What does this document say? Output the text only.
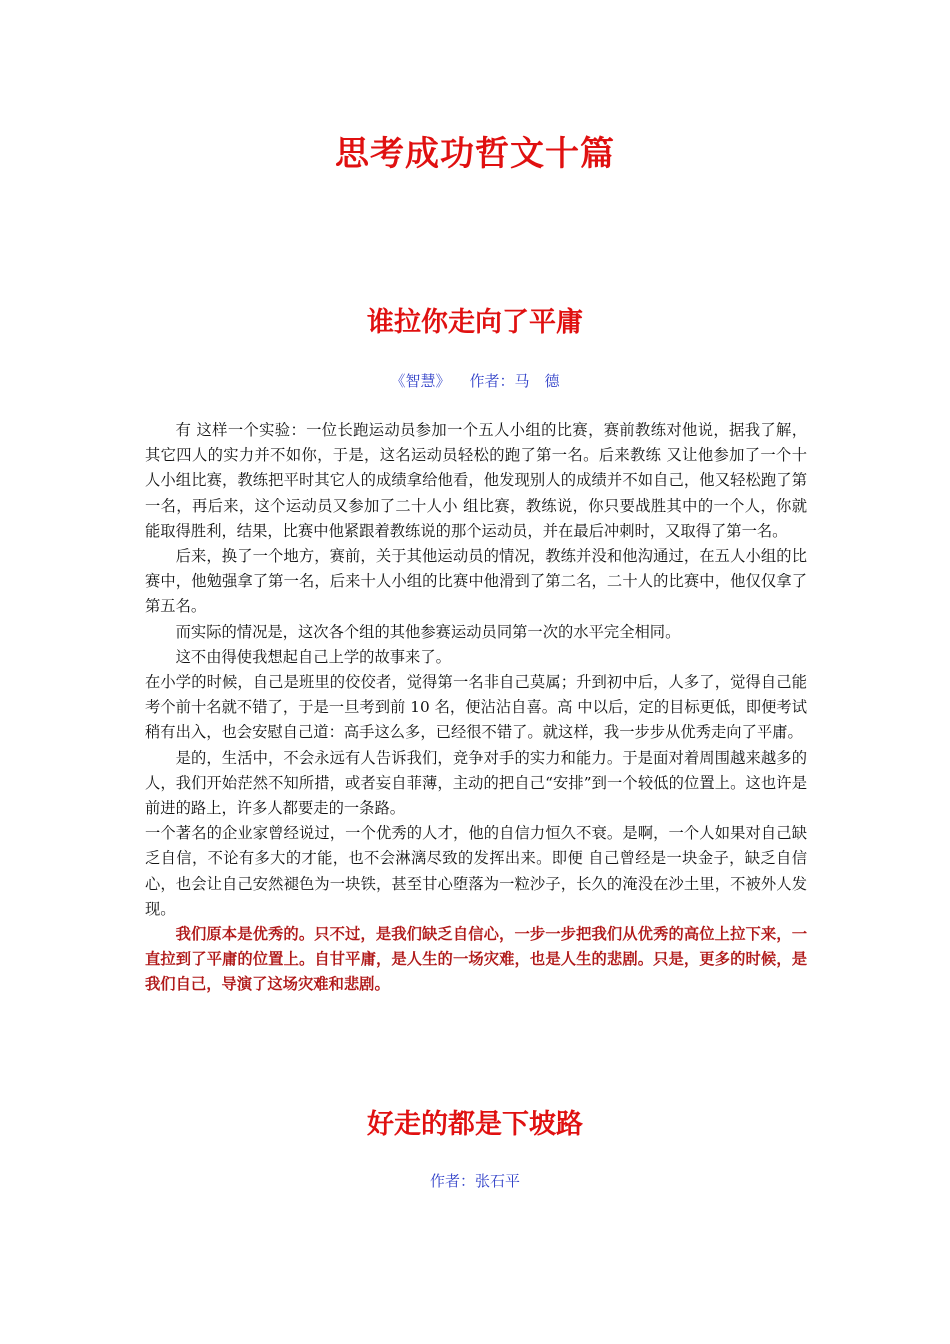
思考成功哲文十篇
谁拉你走向了平庸
《智慧》    作者：马　德

有 这样一个实验：一位长跑运动员参加一个五人小组的比赛，赛前教练对他说，据我了解，其它四人的实力并不如你，于是，这名运动员轻松的跑了第一名。后来教练 又让他参加了一个十人小组比赛，教练把平时其它人的成绩拿给他看，他发现别人的成绩并不如自己，他又轻松跑了第一名，再后来，这个运动员又参加了二十人小 组比赛，教练说，你只要战胜其中的一个人，你就能取得胜利，结果，比赛中他紧跟着教练说的那个运动员，并在最后冲刺时，又取得了第一名。

后来，换了一个地方，赛前，关于其他运动员的情况，教练并没和他沟通过，在五人小组的比赛中，他勉强拿了第一名，后来十人小组的比赛中他滑到了第二名，二十人的比赛中，他仅仅拿了第五名。

而实际的情况是，这次各个组的其他参赛运动员同第一次的水平完全相同。

这不由得使我想起自己上学的故事来了。

在小学的时候，自己是班里的佼佼者，觉得第一名非自己莫属；升到初中后，人多了，觉得自己能考个前十名就不错了，于是一旦考到前 10 名，便沾沾自喜。高 中以后，定的目标更低，即便考试稍有出入，也会安慰自己道：高手这么多，已经很不错了。就这样，我一步步从优秀走向了平庸。

是的，生活中，不会永远有人告诉我们，竞争对手的实力和能力。于是面对着周围越来越多的人，我们开始茫然不知所措，或者妄自菲薄，主动的把自己“安排”到一个较低的位置上。这也许是前进的路上，许多人都要走的一条路。

一个著名的企业家曾经说过，一个优秀的人才，他的自信力恒久不衰。是啊，一个人如果对自己缺乏自信，不论有多大的才能，也不会淋漓尽致的发挥出来。即便 自己曾经是一块金子，缺乏自信心，也会让自己安然褪色为一块铁，甚至甘心堕落为一粒沙子，长久的淹没在沙土里，不被外人发现。

我们原本是优秀的。只不过，是我们缺乏自信心，一步一步把我们从优秀的高位上拉下来，一直拉到了平庸的位置上。自甘平庸，是人生的一场灾难，也是人生的悲剧。只是，更多的时候，是我们自己，导演了这场灾难和悲剧。

好走的都是下坡路
作者：张石平
